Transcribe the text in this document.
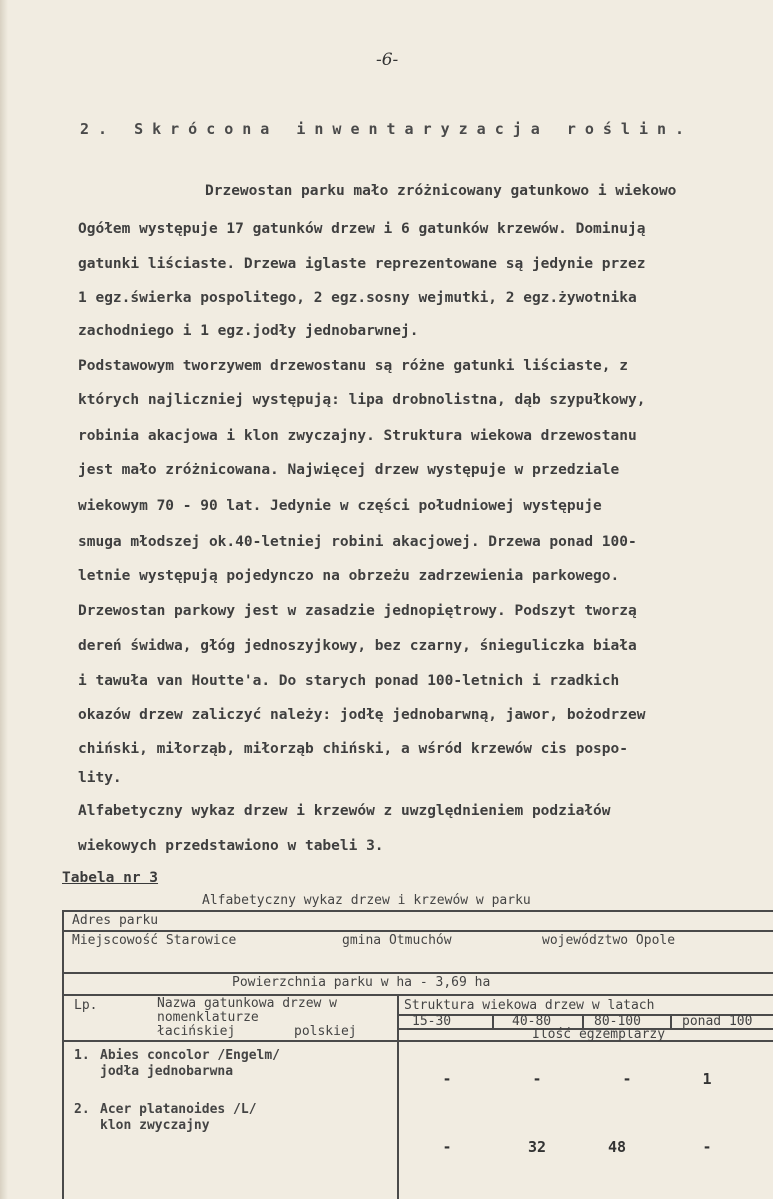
-6-
2. Skrócona inwentaryzacja roślin.
Drzewostan parku mało zróżnicowany gatunkowo i wiekowo
Ogółem występuje 17 gatunków drzew i 6 gatunków krzewów. Dominują
gatunki liściaste. Drzewa iglaste reprezentowane są jedynie przez
1 egz.świerka pospolitego, 2 egz.sosny wejmutki, 2 egz.żywotnika
zachodniego i 1 egz.jodły jednobarwnej.
Podstawowym tworzywem drzewostanu są różne gatunki liściaste, z
których najliczniej występują: lipa drobnolistna, dąb szypułkowy,
robinia akacjowa i klon zwyczajny. Struktura wiekowa drzewostanu
jest mało zróżnicowana. Najwięcej drzew występuje w przedziale
wiekowym 70 - 90 lat. Jedynie w części południowej występuje
smuga młodszej ok.40-letniej robini akacjowej. Drzewa ponad 100-
letnie występują pojedynczo na obrzeżu zadrzewienia parkowego.
Drzewostan parkowy jest w zasadzie jednopiętrowy. Podszyt tworzą
dereń świdwa, głóg jednoszyjkowy, bez czarny, śnieguliczka biała
i tawuła van Houtte'a. Do starych ponad 100-letnich i rzadkich
okazów drzew zaliczyć należy: jodłę jednobarwną, jawor, bożodrzew
chiński, miłorząb, miłorząb chiński, a wśród krzewów cis pospo-
lity.
Alfabetyczny wykaz drzew i krzewów z uwzględnieniem podziałów
wiekowych przedstawiono w tabeli 3.
Tabela nr 3
Alfabetyczny wykaz drzew i krzewów w parku
Adres parku
Miejscowość Starowice	gmina Otmuchów	województwo Opole
Powierzchnia parku w ha - 3,69 ha
Lp.	Nazwa gatunkowa drzew w
nomenklaturze
łacińskiej	polskiej
Struktura wiekowa drzew w latach
15-30	40-80	80-100	ponad 100
Ilość egzemplarzy
1. Abies concolor /Engelm/
jodła jednobarwna	-	-	-	1
2. Acer platanoides /L/
klon zwyczajny
-	32	48	-
